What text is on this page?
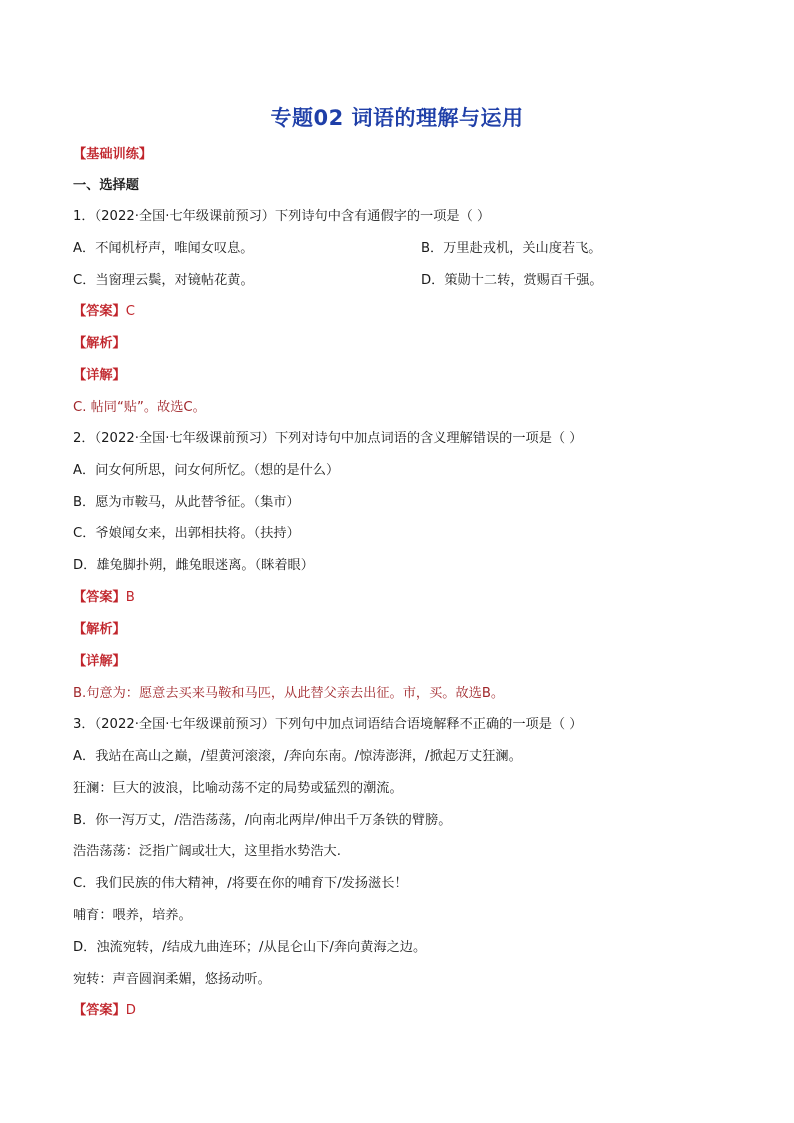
专题02 词语的理解与运用
【基础训练】
一、选择题
1．（2022·全国·七年级课前预习）下列诗句中含有通假字的一项是（ ）
A．不闻机杼声，唯闻女叹息。	B．万里赴戎机，关山度若飞。
C．当窗理云鬓，对镜帖花黄。	D．策勋十二转，赏赐百千强。
【答案】C
【解析】
【详解】
C. 帖同“贴”。故选C。
2．（2022·全国·七年级课前预习）下列对诗句中加点词语的含义理解错误的一项是（ ）
A．问女何所思，问女何所忆。（想的是什么）
B．愿为市鞍马，从此替爷征。（集市）
C．爷娘闻女来，出郭相扶将。（扶持）
D．雄兔脚扑朔，雌兔眼迷离。（眯着眼）
【答案】B
【解析】
【详解】
B.句意为：愿意去买来马鞍和马匹，从此替父亲去出征。市，买。故选B。
3．（2022·全国·七年级课前预习）下列句中加点词语结合语境解释不正确的一项是（ ）
A．我站在高山之巅，/望黄河滚滚，/奔向东南。/惊涛澎湃，/掀起万丈狂澜。
狂澜：巨大的波浪，比喻动荡不定的局势或猛烈的潮流。
B．你一泻万丈，/浩浩荡荡，/向南北两岸/伸出千万条铁的臂膀。
浩浩荡荡：泛指广阔或壮大，这里指水势浩大.
C．我们民族的伟大精神，/将要在你的哺育下/发扬滋长！
哺育：喂养，培养。
D．浊流宛转，/结成九曲连环；/从昆仑山下/奔向黄海之边。
宛转：声音圆润柔媚，悠扬动听。
【答案】D
